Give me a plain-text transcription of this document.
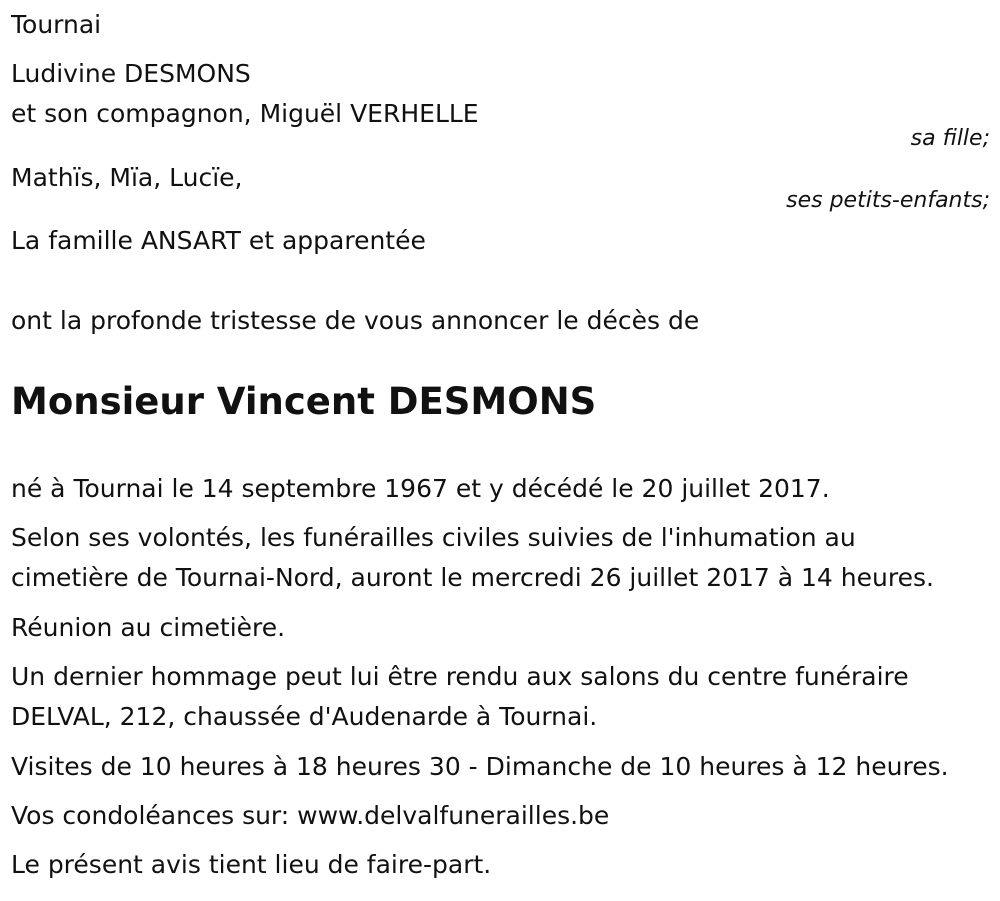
Tournai

Ludivine DESMONS

et son compagnon, Miguël VERHELLE

sa fille;

Mathïs, Mïa, Lucïe,

ses petits-enfants;

La famille ANSART et apparentée

ont la profonde tristesse de vous annoncer le décès de

Monsieur Vincent DESMONS

né à Tournai le 14 septembre 1967 et y décédé le 20 juillet 2017.

Selon ses volontés, les funérailles civiles suivies de l'inhumation au

cimetière de Tournai-Nord, auront le mercredi 26 juillet 2017 à 14 heures.

Réunion au cimetière.

Un dernier hommage peut lui être rendu aux salons du centre funéraire

DELVAL, 212, chaussée d'Audenarde à Tournai.

Visites de 10 heures à 18 heures 30 - Dimanche de 10 heures à 12 heures.

Vos condoléances sur: www.delvalfunerailles.be

Le présent avis tient lieu de faire-part.
